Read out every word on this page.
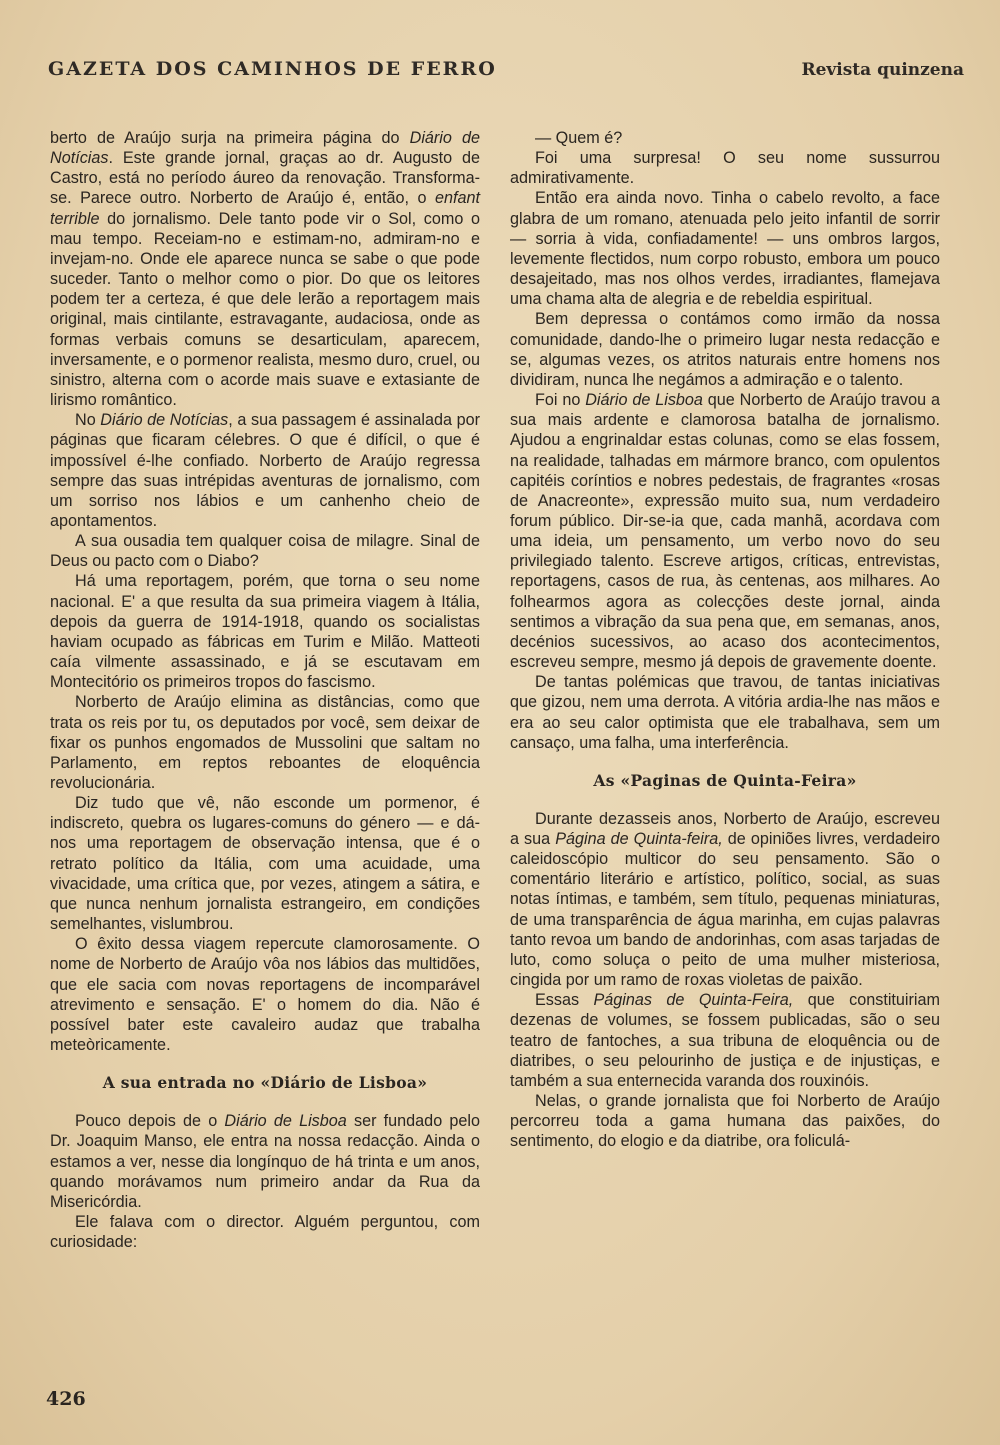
GAZETA DOS CAMINHOS DE FERRO	Revista quinzena

berto de Araújo surja na primeira página do Diário de Notícias. Este grande jornal, graças ao dr. Augusto de Castro, está no período áureo da renovação. Transforma-se. Parece outro. Norberto de Araújo é, então, o enfant terrible do jornalismo. Dele tanto pode vir o Sol, como o mau tempo. Receiam-no e estimam-no, admiram-no e invejam-no. Onde ele aparece nunca se sabe o que pode suceder. Tanto o melhor como o pior. Do que os leitores podem ter a certeza, é que dele lerão a reportagem mais original, mais cintilante, estravagante, audaciosa, onde as formas verbais comuns se desarticulam, aparecem, inversamente, e o pormenor realista, mesmo duro, cruel, ou sinistro, alterna com o acorde mais suave e extasiante de lirismo romântico.

No Diário de Notícias, a sua passagem é assinalada por páginas que ficaram célebres. O que é difícil, o que é impossível é-lhe confiado. Norberto de Araújo regressa sempre das suas intrépidas aventuras de jornalismo, com um sorriso nos lábios e um canhenho cheio de apontamentos.

A sua ousadia tem qualquer coisa de milagre. Sinal de Deus ou pacto com o Diabo?

Há uma reportagem, porém, que torna o seu nome nacional. E' a que resulta da sua primeira viagem à Itália, depois da guerra de 1914-1918, quando os socialistas haviam ocupado as fábricas em Turim e Milão. Matteoti caía vilmente assassinado, e já se escutavam em Montecitório os primeiros tropos do fascismo.

Norberto de Araújo elimina as distâncias, como que trata os reis por tu, os deputados por você, sem deixar de fixar os punhos engomados de Mussolini que saltam no Parlamento, em reptos reboantes de eloquência revolucionária.

Diz tudo que vê, não esconde um pormenor, é indiscreto, quebra os lugares-comuns do género — e dá-nos uma reportagem de observação intensa, que é o retrato político da Itália, com uma acuidade, uma vivacidade, uma crítica que, por vezes, atingem a sátira, e que nunca nenhum jornalista estrangeiro, em condições semelhantes, vislumbrou.

O êxito dessa viagem repercute clamorosamente. O nome de Norberto de Araújo vôa nos lábios das multidões, que ele sacia com novas reportagens de incomparável atrevimento e sensação. E' o homem do dia. Não é possível bater este cavaleiro audaz que trabalha meteòricamente.

A sua entrada no «Diário de Lisboa»

Pouco depois de o Diário de Lisboa ser fundado pelo Dr. Joaquim Manso, ele entra na nossa redacção. Ainda o estamos a ver, nesse dia longínquo de há trinta e um anos, quando morávamos num primeiro andar da Rua da Misericórdia.

Ele falava com o director. Alguém perguntou, com curiosidade:

— Quem é?

Foi uma surpresa! O seu nome sussurrou admirativamente.

Então era ainda novo. Tinha o cabelo revolto, a face glabra de um romano, atenuada pelo jeito infantil de sorrir — sorria à vida, confiadamente! — uns ombros largos, levemente flectidos, num corpo robusto, embora um pouco desajeitado, mas nos olhos verdes, irradiantes, flamejava uma chama alta de alegria e de rebeldia espiritual.

Bem depressa o contámos como irmão da nossa comunidade, dando-lhe o primeiro lugar nesta redacção e se, algumas vezes, os atritos naturais entre homens nos dividiram, nunca lhe negámos a admiração e o talento.

Foi no Diário de Lisboa que Norberto de Araújo travou a sua mais ardente e clamorosa batalha de jornalismo. Ajudou a engrinaldar estas colunas, como se elas fossem, na realidade, talhadas em mármore branco, com opulentos capitéis coríntios e nobres pedestais, de fragrantes «rosas de Anacreonte», expressão muito sua, num verdadeiro forum público. Dir-se-ia que, cada manhã, acordava com uma ideia, um pensamento, um verbo novo do seu privilegiado talento. Escreve artigos, críticas, entrevistas, reportagens, casos de rua, às centenas, aos milhares. Ao folhearmos agora as colecções deste jornal, ainda sentimos a vibração da sua pena que, em semanas, anos, decénios sucessivos, ao acaso dos acontecimentos, escreveu sempre, mesmo já depois de gravemente doente.

De tantas polémicas que travou, de tantas iniciativas que gizou, nem uma derrota. A vitória ardia-lhe nas mãos e era ao seu calor optimista que ele trabalhava, sem um cansaço, uma falha, uma interferência.

As «Paginas de Quinta-Feira»

Durante dezasseis anos, Norberto de Araújo, escreveu a sua Página de Quinta-feira, de opiniões livres, verdadeiro caleidoscópio multicor do seu pensamento. São o comentário literário e artístico, político, social, as suas notas íntimas, e também, sem título, pequenas miniaturas, de uma transparência de água marinha, em cujas palavras tanto revoa um bando de andorinhas, com asas tarjadas de luto, como soluça o peito de uma mulher misteriosa, cingida por um ramo de roxas violetas de paixão.

Essas Páginas de Quinta-Feira, que constituiriam dezenas de volumes, se fossem publicadas, são o seu teatro de fantoches, a sua tribuna de eloquência ou de diatribes, o seu pelourinho de justiça e de injustiças, e também a sua enternecida varanda dos rouxinóis.

Nelas, o grande jornalista que foi Norberto de Araújo percorreu toda a gama humana das paixões, do sentimento, do elogio e da diatribe, ora foliculá-

426
